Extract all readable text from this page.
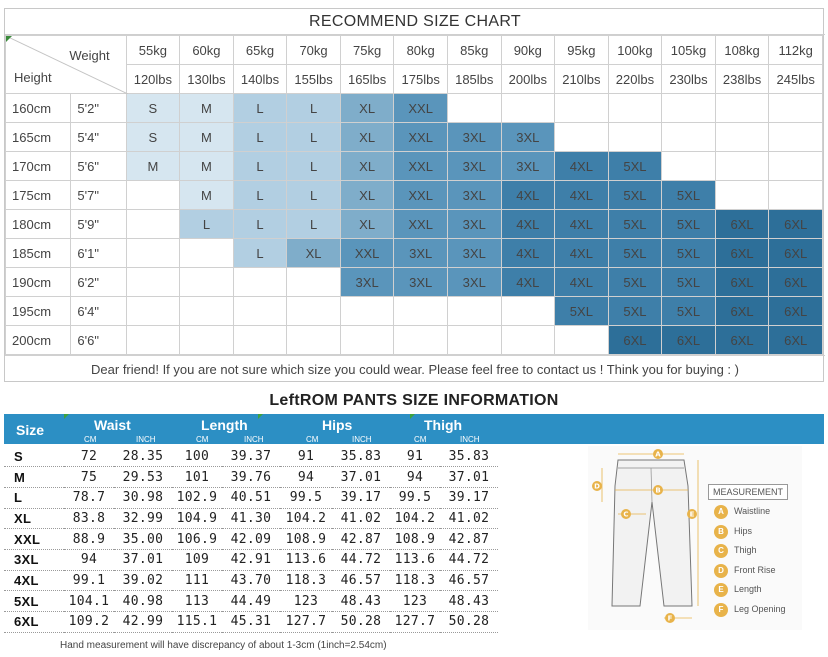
RECOMMEND SIZE CHART
Weight
Height		55kg	60kg	65kg	70kg	75kg	80kg	85kg	90kg	95kg	100kg	105kg	108kg	112kg
		120lbs	130lbs	140lbs	155lbs	165lbs	175lbs	185lbs	200lbs	210lbs	220lbs	230lbs	238lbs	245lbs
160cm	5'2"	S	M	L	L	XL	XXL							
165cm	5'4"	S	M	L	L	XL	XXL	3XL	3XL					
170cm	5'6"	M	M	L	L	XL	XXL	3XL	3XL	4XL	5XL			
175cm	5'7"		M	L	L	XL	XXL	3XL	4XL	4XL	5XL	5XL		
180cm	5'9"		L	L	L	XL	XXL	3XL	4XL	4XL	5XL	5XL	6XL	6XL
185cm	6'1"			L	XL	XXL	3XL	3XL	4XL	4XL	5XL	5XL	6XL	6XL
190cm	6'2"					3XL	3XL	3XL	4XL	4XL	5XL	5XL	6XL	6XL
195cm	6'4"									5XL	5XL	5XL	6XL	6XL
200cm	6'6"										6XL	6XL	6XL	6XL
Dear friend! If you are not sure which size you could wear. Please feel free to contact us ! Think you for buying : )
LeftROM PANTS SIZE INFORMATION
Size	Waist
CM	INCH
Length
CM	INCH
Hips
CM	INCH
Thigh
CM	INCH
S	72	28.35	100	39.37	91	35.83	91	35.83
M	75	29.53	101	39.76	94	37.01	94	37.01
L	78.7	30.98	102.9	40.51	99.5	39.17	99.5	39.17
XL	83.8	32.99	104.9	41.30	104.2	41.02	104.2	41.02
XXL	88.9	35.00	106.9	42.09	108.9	42.87	108.9	42.87
3XL	94	37.01	109	42.91	113.6	44.72	113.6	44.72
4XL	99.1	39.02	111	43.70	118.3	46.57	118.3	46.57
5XL	104.1	40.98	113	44.49	123	48.43	123	48.43
6XL	109.2	42.99	115.1	45.31	127.7	50.28	127.7	50.28
A
B
C
D
E
F
MEASUREMENT
A Waistline
B Hips
C Thigh
D Front Rise
E Length
F Leg Opening
Hand measurement will have discrepancy of about 1-3cm (1inch=2.54cm)
